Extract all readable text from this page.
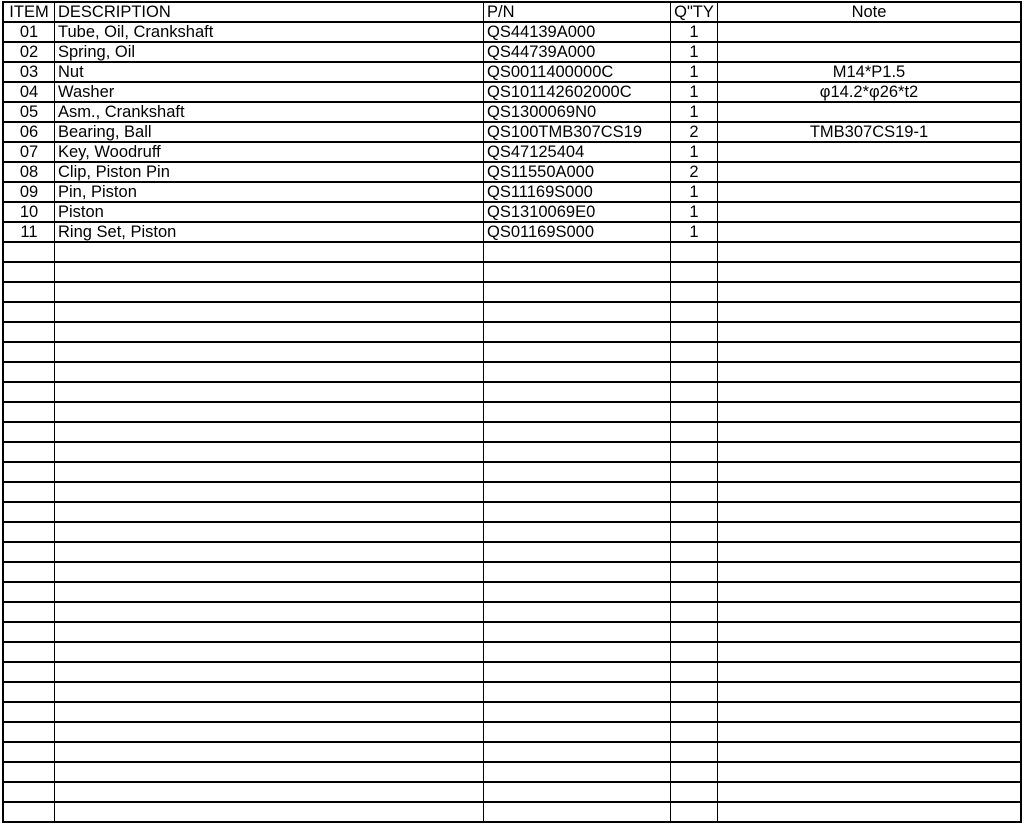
ITEM	DESCRIPTION	P/N	Q"TY	Note
01	Tube, Oil, Crankshaft	QS44139A000	1	
02	Spring, Oil	QS44739A000	1	
03	Nut	QS0011400000C	1	M14*P1.5
04	Washer	QS101142602000C	1	φ14.2*φ26*t2
05	Asm., Crankshaft	QS1300069N0	1	
06	Bearing, Ball	QS100TMB307CS19	2	TMB307CS19-1
07	Key, Woodruff	QS47125404	1	
08	Clip, Piston Pin	QS11550A000	2	
09	Pin, Piston	QS11169S000	1	
10	Piston	QS1310069E0	1	
11	Ring Set, Piston	QS01169S000	1	
